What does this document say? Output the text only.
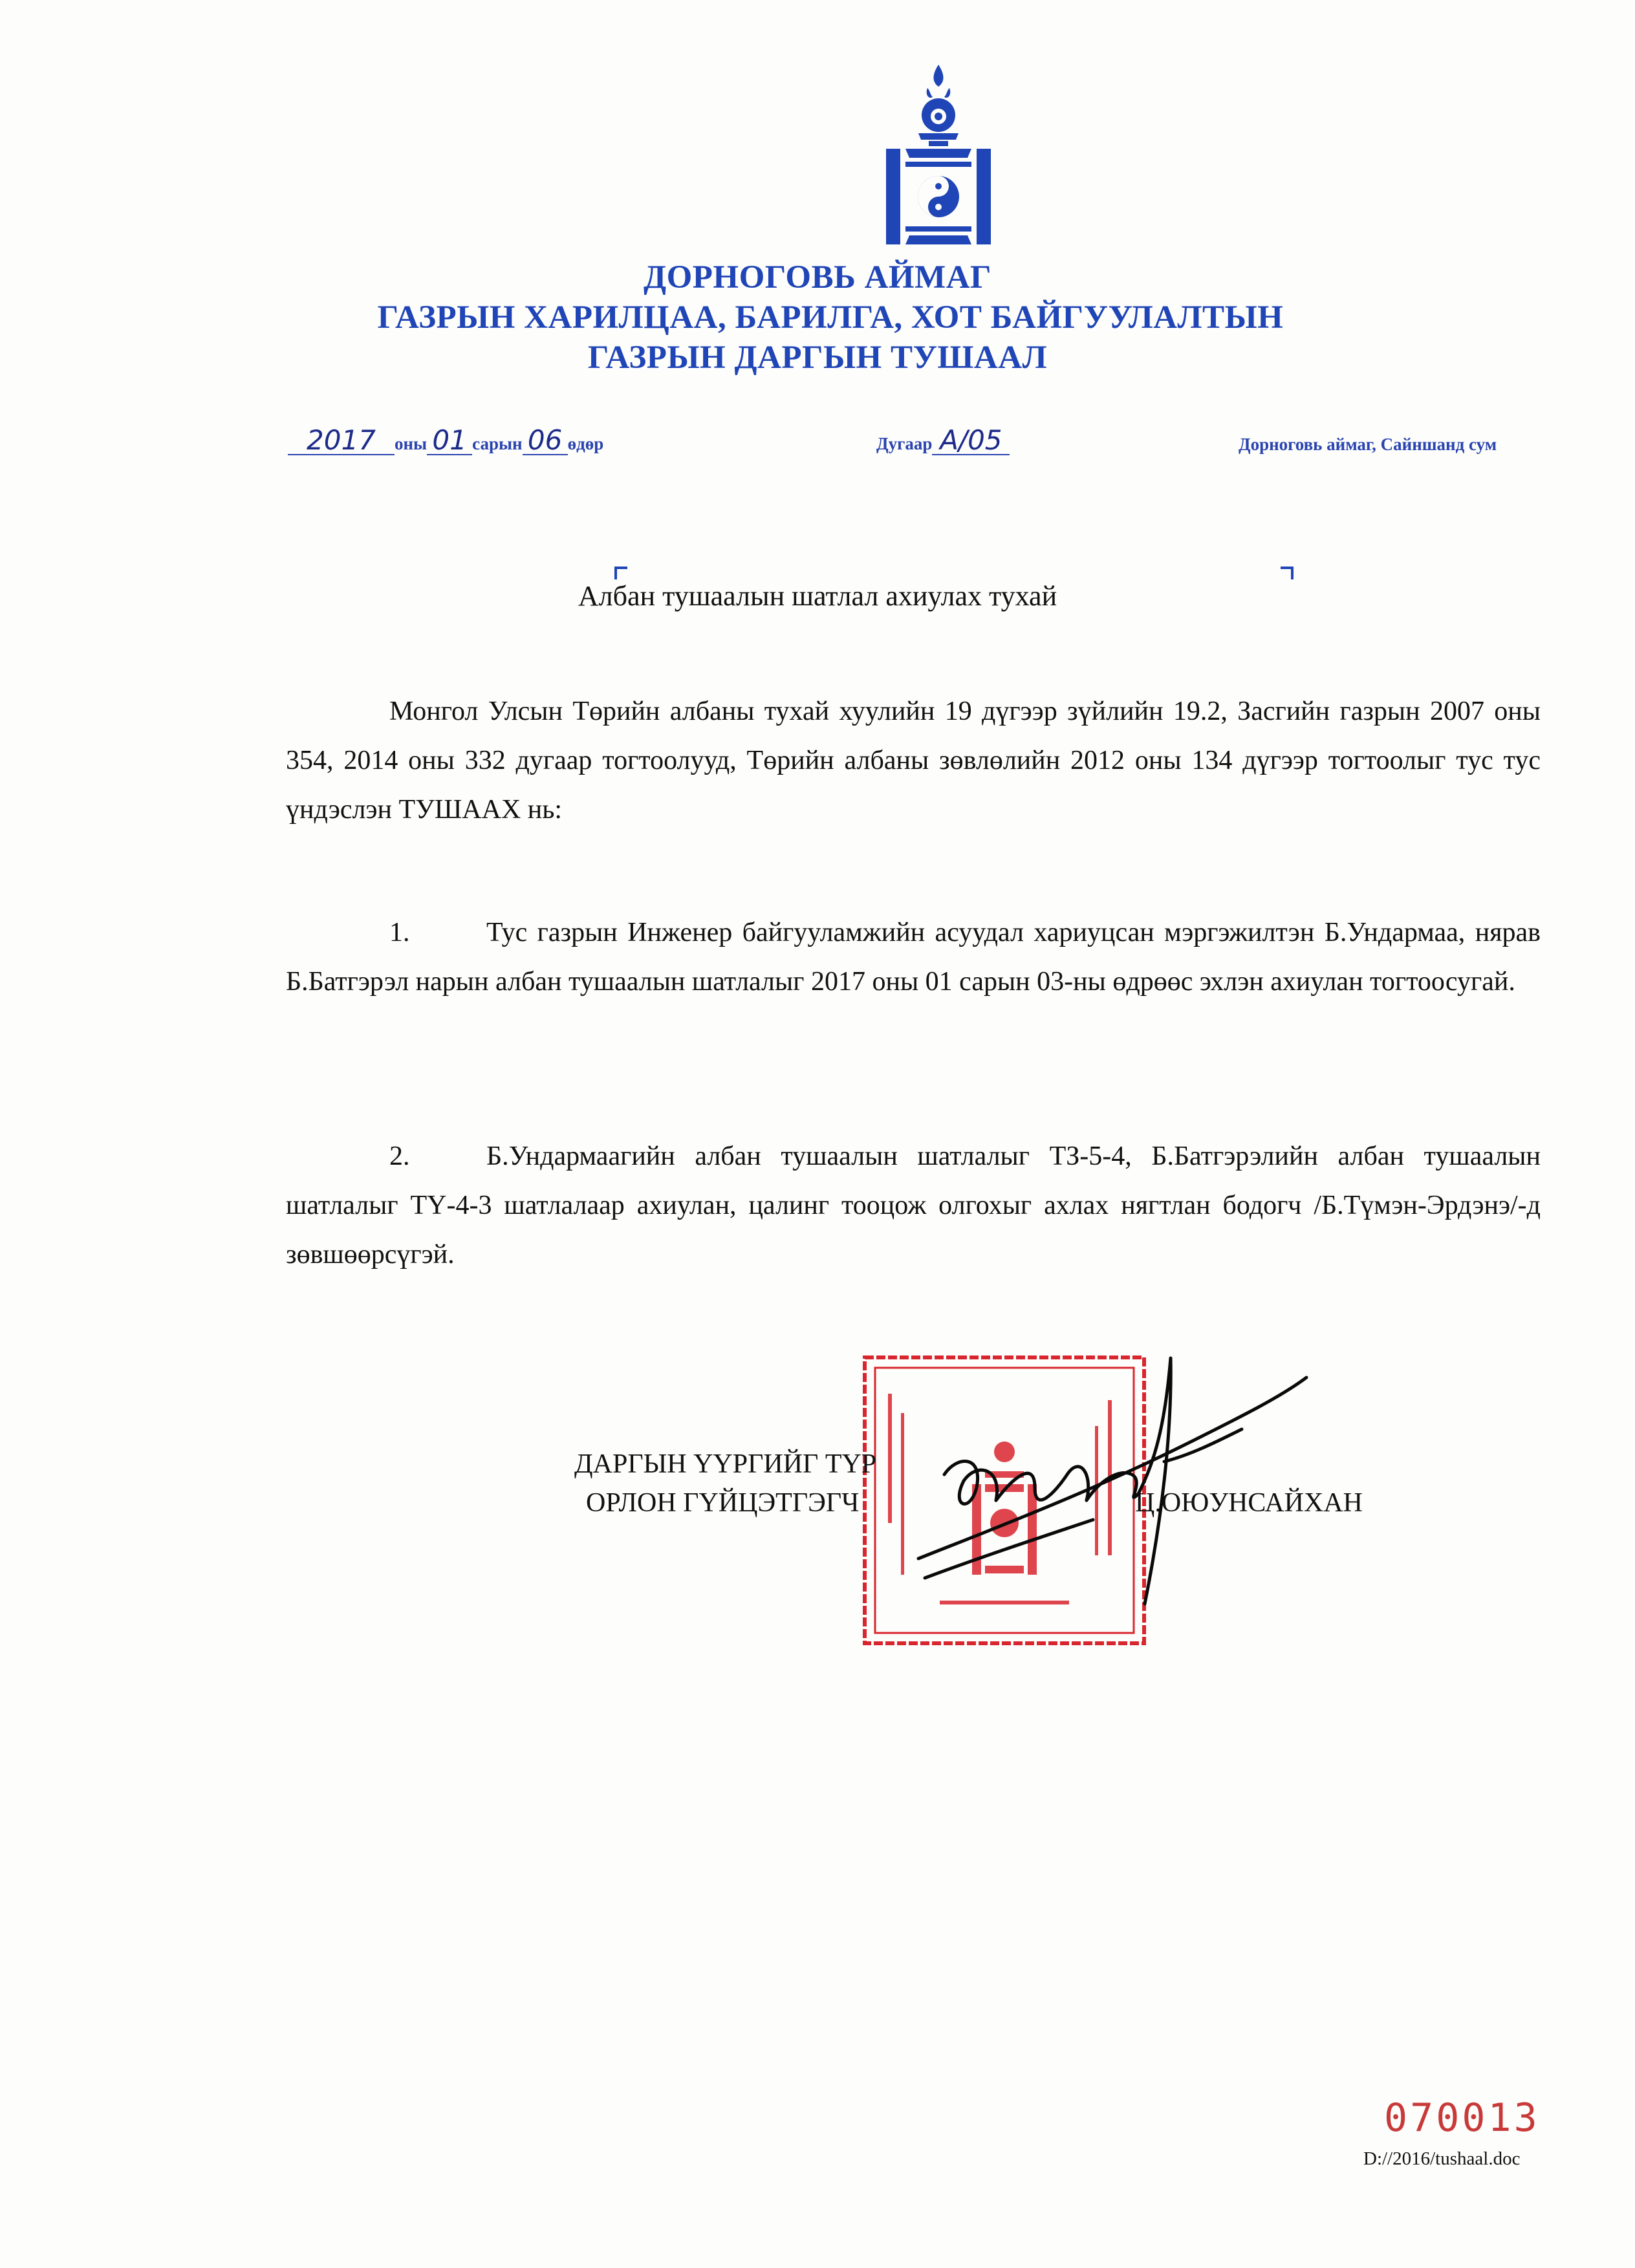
ДОРНОГОВЬ АЙМАГ
ГАЗРЫН ХАРИЛЦАА, БАРИЛГА, ХОТ БАЙГУУЛАЛТЫН
ГАЗРЫН ДАРГЫН ТУШААЛ
2017 оны 01 сарын 06 өдөр	Дугаар А/05	Дорноговь аймаг, Сайншанд сум
Албан тушаалын шатлал ахиулах тухай
Монгол Улсын Төрийн албаны тухай хуулийн 19 дүгээр зүйлийн 19.2, Засгийн газрын 2007 оны 354, 2014 оны 332 дугаар тогтоолууд, Төрийн албаны зөвлөлийн 2012 оны 134 дүгээр тогтоолыг тус тус үндэслэн ТУШААХ нь:
1.	Тус газрын Инженер байгууламжийн асуудал хариуцсан мэргэжилтэн Б.Ундармаа, нярав Б.Батгэрэл нарын албан тушаалын шатлалыг 2017 оны 01 сарын 03-ны өдрөөс эхлэн ахиулан тогтоосугай.
2.	Б.Ундармаагийн албан тушаалын шатлалыг ТЗ-5-4, Б.Батгэрэлийн албан тушаалын шатлалыг ТҮ-4-3 шатлалаар ахиулан, цалинг тооцож олгохыг ахлах нягтлан бодогч /Б.Түмэн-Эрдэнэ/-д зөвшөөрсүгэй.
ДАРГЫН ҮҮРГИЙГ ТҮР
ОРЛОН ГҮЙЦЭТГЭГЧ	Ц.ОЮУНСАЙХАН
070013
D://2016/tushaal.doc
